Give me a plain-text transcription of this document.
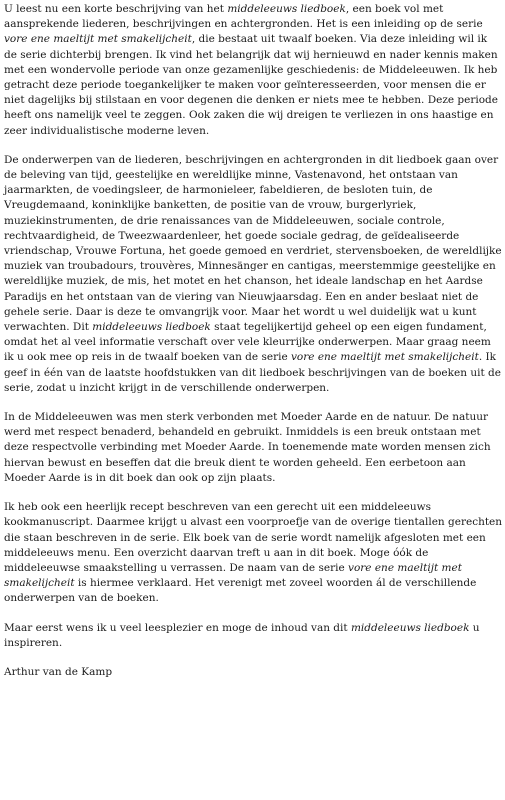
U leest nu een korte beschrijving van het middeleeuws liedboek, een boek vol met aansprekende liederen, beschrijvingen en achtergronden. Het is een inleiding op de serie vore ene maeltijt met smakelijcheit, die bestaat uit twaalf boeken. Via deze inleiding wil ik de serie dichterbij brengen. Ik vind het belangrijk dat wij hernieuwd en nader kennis maken met een wondervolle periode van onze gezamenlijke geschiedenis: de Middeleeuwen. Ik heb getracht deze periode toegankelijker te maken voor geïnteresseerden, voor mensen die er niet dagelijks bij stilstaan en voor degenen die denken er niets mee te hebben. Deze periode heeft ons namelijk veel te zeggen. Ook zaken die wij dreigen te verliezen in ons haastige en zeer individualistische moderne leven.

De onderwerpen van de liederen, beschrijvingen en achtergronden in dit liedboek gaan over de beleving van tijd, geestelijke en wereldlijke minne, Vastenavond, het ontstaan van jaarmarkten, de voedingsleer, de harmonieleer, fabeldieren, de besloten tuin, de Vreugdemaand, koninklijke banketten, de positie van de vrouw, burgerlyriek, muziekinstrumenten, de drie renaissances van de Middeleeuwen, sociale controle, rechtvaardigheid, de Tweezwaardenleer, het goede sociale gedrag, de geïdealiseerde vriendschap, Vrouwe Fortuna, het goede gemoed en verdriet, stervensboeken, de wereldlijke muziek van troubadours, trouvères, Minnesänger en cantigas, meerstemmige geestelijke en wereldlijke muziek, de mis, het motet en het chanson, het ideale landschap en het Aardse Paradijs en het ontstaan van de viering van Nieuwjaarsdag. Een en ander beslaat niet de gehele serie. Daar is deze te omvangrijk voor. Maar het wordt u wel duidelijk wat u kunt verwachten. Dit middeleeuws liedboek staat tegelijkertijd geheel op een eigen fundament, omdat het al veel informatie verschaft over vele kleurrijke onderwerpen. Maar graag neem ik u ook mee op reis in de twaalf boeken van de serie vore ene maeltijt met smakelijcheit. Ik geef in één van de laatste hoofdstukken van dit liedboek beschrijvingen van de boeken uit de serie, zodat u inzicht krijgt in de verschillende onderwerpen.

In de Middeleeuwen was men sterk verbonden met Moeder Aarde en de natuur. De natuur werd met respect benaderd, behandeld en gebruikt. Inmiddels is een breuk ontstaan met deze respectvolle verbinding met Moeder Aarde. In toenemende mate worden mensen zich hiervan bewust en beseffen dat die breuk dient te worden geheeld. Een eerbetoon aan Moeder Aarde is in dit boek dan ook op zijn plaats.

Ik heb ook een heerlijk recept beschreven van een gerecht uit een middeleeuws kookmanuscript. Daarmee krijgt u alvast een voorproefje van de overige tientallen gerechten die staan beschreven in de serie. Elk boek van de serie wordt namelijk afgesloten met een middeleeuws menu. Een overzicht daarvan treft u aan in dit boek. Moge óók de middeleeuwse smaakstelling u verrassen. De naam van de serie vore ene maeltijt met smakelijcheit is hiermee verklaard. Het verenigt met zoveel woorden ál de verschillende onderwerpen van de boeken.

Maar eerst wens ik u veel leesplezier en moge de inhoud van dit middeleeuws liedboek u inspireren.

Arthur van de Kamp
